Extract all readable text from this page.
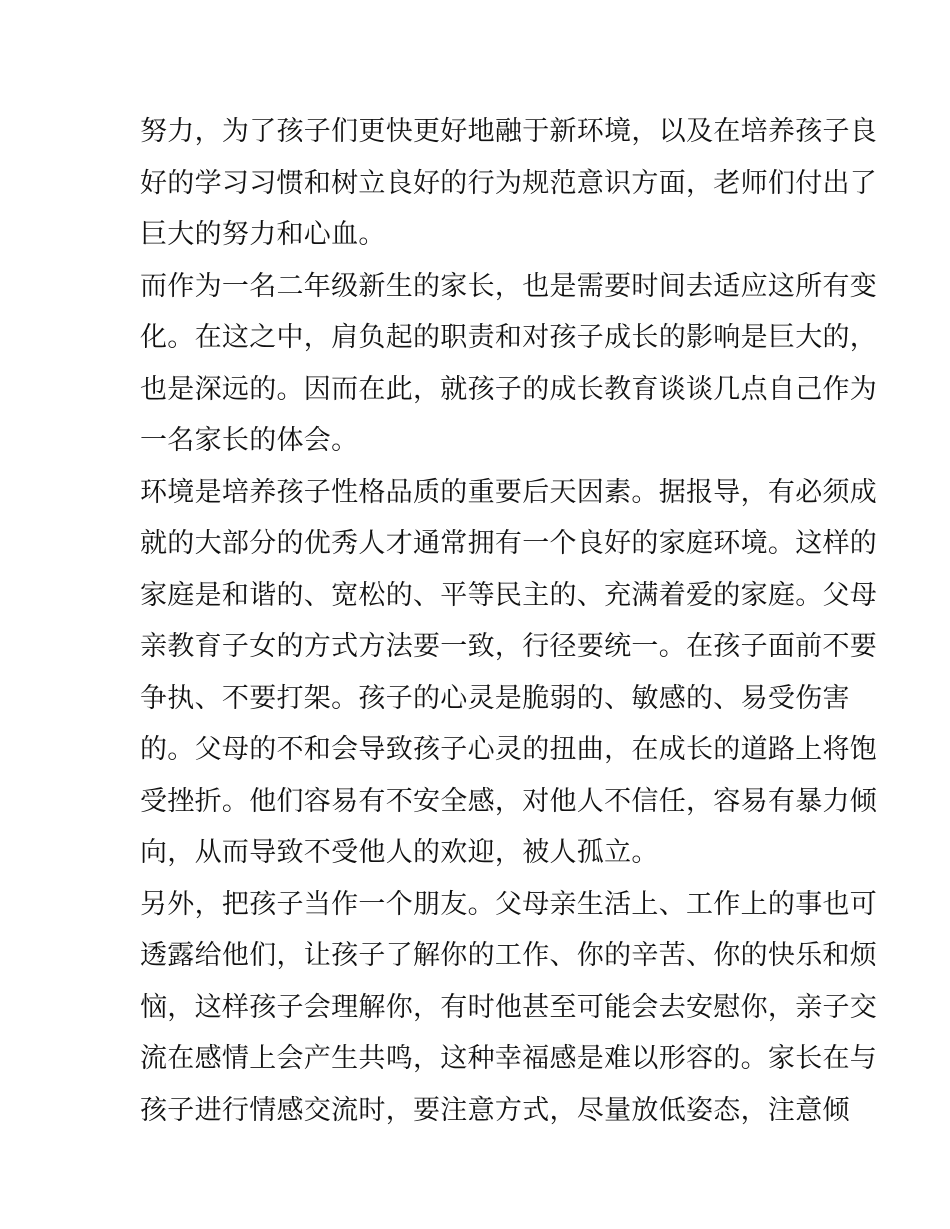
努力，为了孩子们更快更好地融于新环境，以及在培养孩子良
好的学习习惯和树立良好的行为规范意识方面，老师们付出了
巨大的努力和心血。
而作为一名二年级新生的家长，也是需要时间去适应这所有变
化。在这之中，肩负起的职责和对孩子成长的影响是巨大的，
也是深远的。因而在此，就孩子的成长教育谈谈几点自己作为
一名家长的体会。
环境是培养孩子性格品质的重要后天因素。据报导，有必须成
就的大部分的优秀人才通常拥有一个良好的家庭环境。这样的
家庭是和谐的、宽松的、平等民主的、充满着爱的家庭。父母
亲教育子女的方式方法要一致，行径要统一。在孩子面前不要
争执、不要打架。孩子的心灵是脆弱的、敏感的、易受伤害
的。父母的不和会导致孩子心灵的扭曲，在成长的道路上将饱
受挫折。他们容易有不安全感，对他人不信任，容易有暴力倾
向，从而导致不受他人的欢迎，被人孤立。
另外，把孩子当作一个朋友。父母亲生活上、工作上的事也可
透露给他们，让孩子了解你的工作、你的辛苦、你的快乐和烦
恼，这样孩子会理解你，有时他甚至可能会去安慰你，亲子交
流在感情上会产生共鸣，这种幸福感是难以形容的。家长在与
孩子进行情感交流时，要注意方式，尽量放低姿态，注意倾
